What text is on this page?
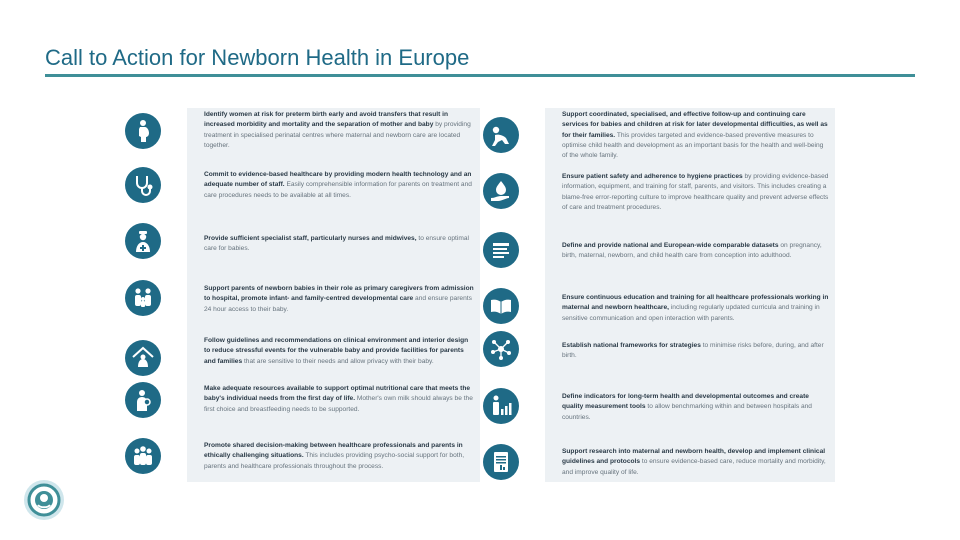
Call to Action for Newborn Health in Europe
Identify women at risk for preterm birth early and avoid transfers that result in increased morbidity and mortality and the separation of mother and baby by providing treatment in specialised perinatal centres where maternal and newborn care are located together.
Commit to evidence-based healthcare by providing modern health technology and an adequate number of staff. Easily comprehensible information for parents on treatment and care procedures needs to be available at all times.
Provide sufficient specialist staff, particularly nurses and midwives, to ensure optimal care for babies.
Support parents of newborn babies in their role as primary caregivers from admission to hospital, promote infant- and family-centred developmental care and ensure parents 24 hour access to their baby.
Follow guidelines and recommendations on clinical environment and interior design to reduce stressful events for the vulnerable baby and provide facilities for parents and families that are sensitive to their needs and allow privacy with their baby.
Make adequate resources available to support optimal nutritional care that meets the baby's individual needs from the first day of life. Mother's own milk should always be the first choice and breastfeeding needs to be supported.
Promote shared decision-making between healthcare professionals and parents in ethically challenging situations. This includes providing psycho-social support for both, parents and healthcare professionals throughout the process.
Support coordinated, specialised, and effective follow-up and continuing care services for babies and children at risk for later developmental difficulties, as well as for their families. This provides targeted and evidence-based preventive measures to optimise child health and development as an important basis for the health and well-being of the whole family.
Ensure patient safety and adherence to hygiene practices by providing evidence-based information, equipment, and training for staff, parents, and visitors. This includes creating a blame-free error-reporting culture to improve healthcare quality and prevent adverse effects of care and treatment procedures.
Define and provide national and European-wide comparable datasets on pregnancy, birth, maternal, newborn, and child health care from conception into adulthood.
Ensure continuous education and training for all healthcare professionals working in maternal and newborn healthcare, including regularly updated curricula and training in sensitive communication and open interaction with parents.
Establish national frameworks for strategies to minimise risks before, during, and after birth.
Define indicators for long-term health and developmental outcomes and create quality measurement tools to allow benchmarking within and between hospitals and countries.
Support research into maternal and newborn health, develop and implement clinical guidelines and protocols to ensure evidence-based care, reduce mortality and morbidity, and improve quality of life.
